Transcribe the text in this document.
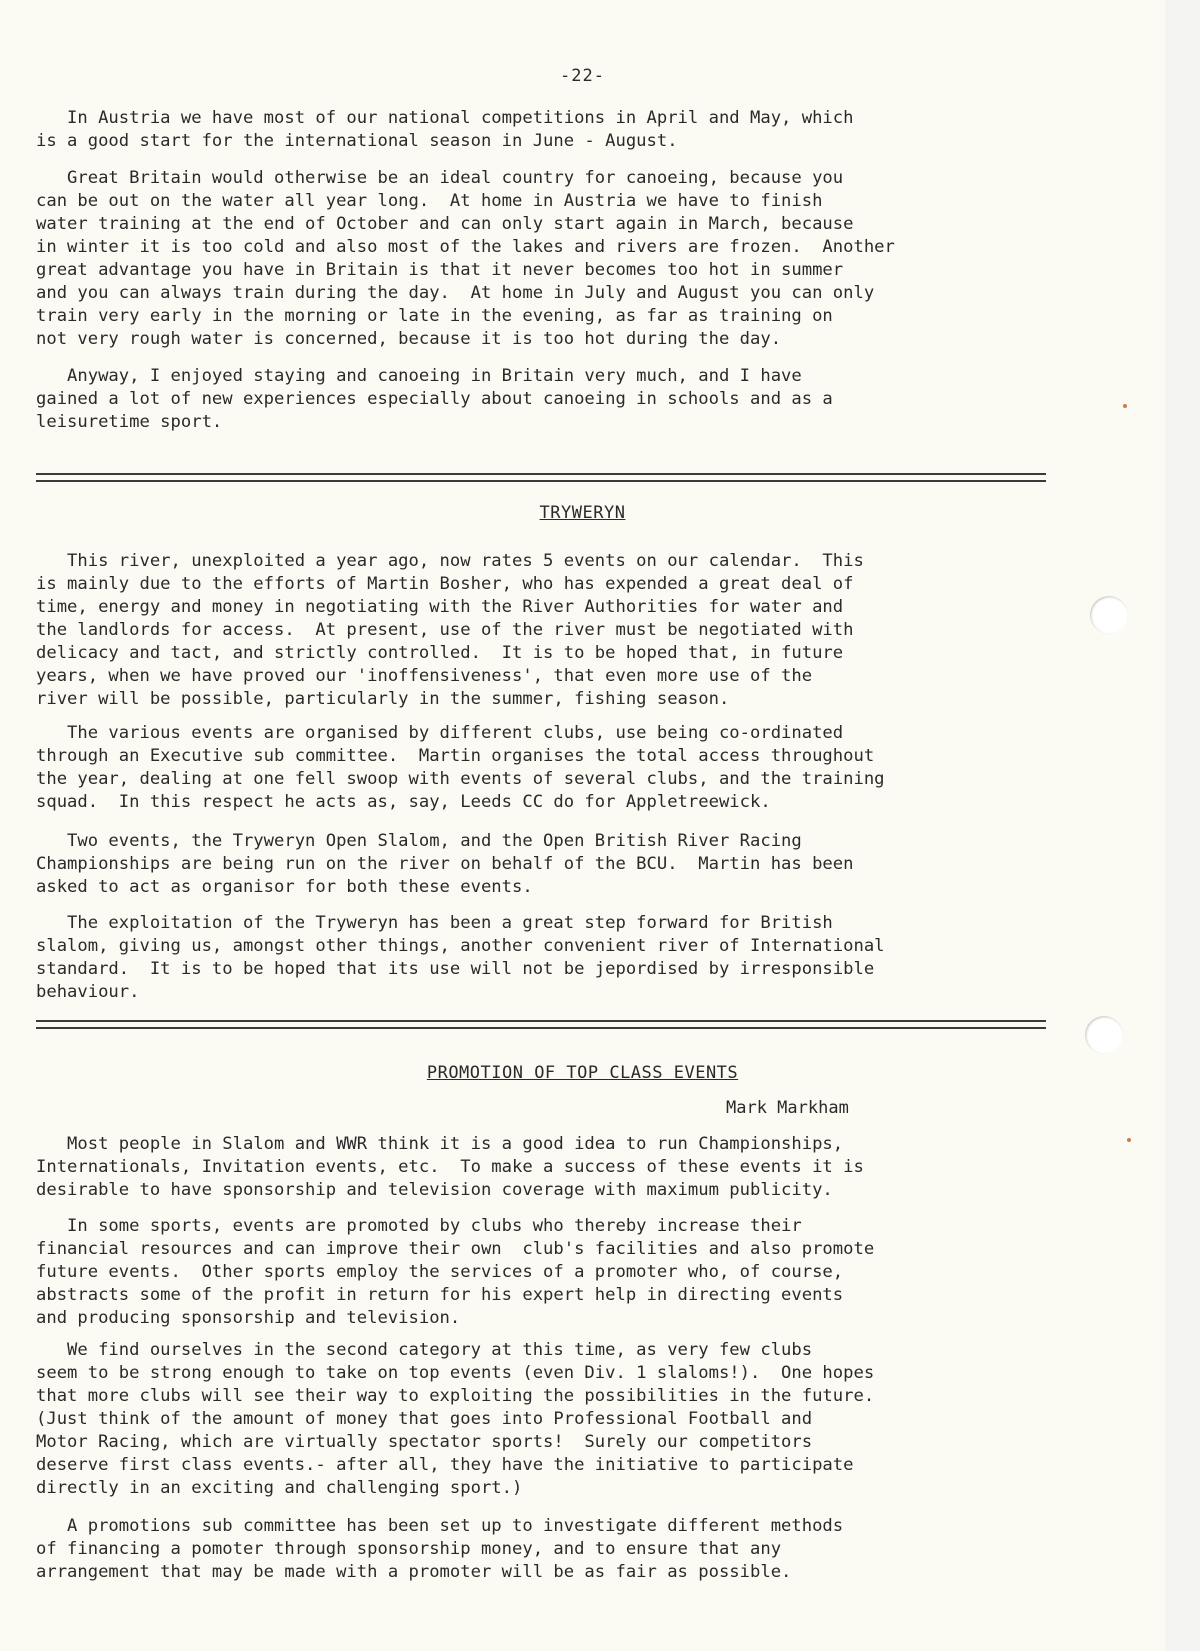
-22-

In Austria we have most of our national competitions in April and May, which

is a good start for the international season in June - August.

Great Britain would otherwise be an ideal country for canoeing, because you

can be out on the water all year long.  At home in Austria we have to finish

water training at the end of October and can only start again in March, because

in winter it is too cold and also most of the lakes and rivers are frozen.  Another

great advantage you have in Britain is that it never becomes too hot in summer

and you can always train during the day.  At home in July and August you can only

train very early in the morning or late in the evening, as far as training on

not very rough water is concerned, because it is too hot during the day.

Anyway, I enjoyed staying and canoeing in Britain very much, and I have

gained a lot of new experiences especially about canoeing in schools and as a

leisuretime sport.

TRYWERYN

This river, unexploited a year ago, now rates 5 events on our calendar.  This

is mainly due to the efforts of Martin Bosher, who has expended a great deal of

time, energy and money in negotiating with the River Authorities for water and

the landlords for access.  At present, use of the river must be negotiated with

delicacy and tact, and strictly controlled.  It is to be hoped that, in future

years, when we have proved our 'inoffensiveness', that even more use of the

river will be possible, particularly in the summer, fishing season.

The various events are organised by different clubs, use being co-ordinated

through an Executive sub committee.  Martin organises the total access throughout

the year, dealing at one fell swoop with events of several clubs, and the training

squad.  In this respect he acts as, say, Leeds CC do for Appletreewick.

Two events, the Tryweryn Open Slalom, and the Open British River Racing

Championships are being run on the river on behalf of the BCU.  Martin has been

asked to act as organisor for both these events.

The exploitation of the Tryweryn has been a great step forward for British

slalom, giving us, amongst other things, another convenient river of International

standard.  It is to be hoped that its use will not be jepordised by irresponsible

behaviour.

PROMOTION OF TOP CLASS EVENTS
Mark Markham

Most people in Slalom and WWR think it is a good idea to run Championships,

Internationals, Invitation events, etc.  To make a success of these events it is

desirable to have sponsorship and television coverage with maximum publicity.

In some sports, events are promoted by clubs who thereby increase their

financial resources and can improve their own  club's facilities and also promote

future events.  Other sports employ the services of a promoter who, of course,

abstracts some of the profit in return for his expert help in directing events

and producing sponsorship and television.

We find ourselves in the second category at this time, as very few clubs

seem to be strong enough to take on top events (even Div. 1 slaloms!).  One hopes

that more clubs will see their way to exploiting the possibilities in the future.

(Just think of the amount of money that goes into Professional Football and

Motor Racing, which are virtually spectator sports!  Surely our competitors

deserve first class events.- after all, they have the initiative to participate

directly in an exciting and challenging sport.)

A promotions sub committee has been set up to investigate different methods

of financing a pomoter through sponsorship money, and to ensure that any

arrangement that may be made with a promoter will be as fair as possible.
